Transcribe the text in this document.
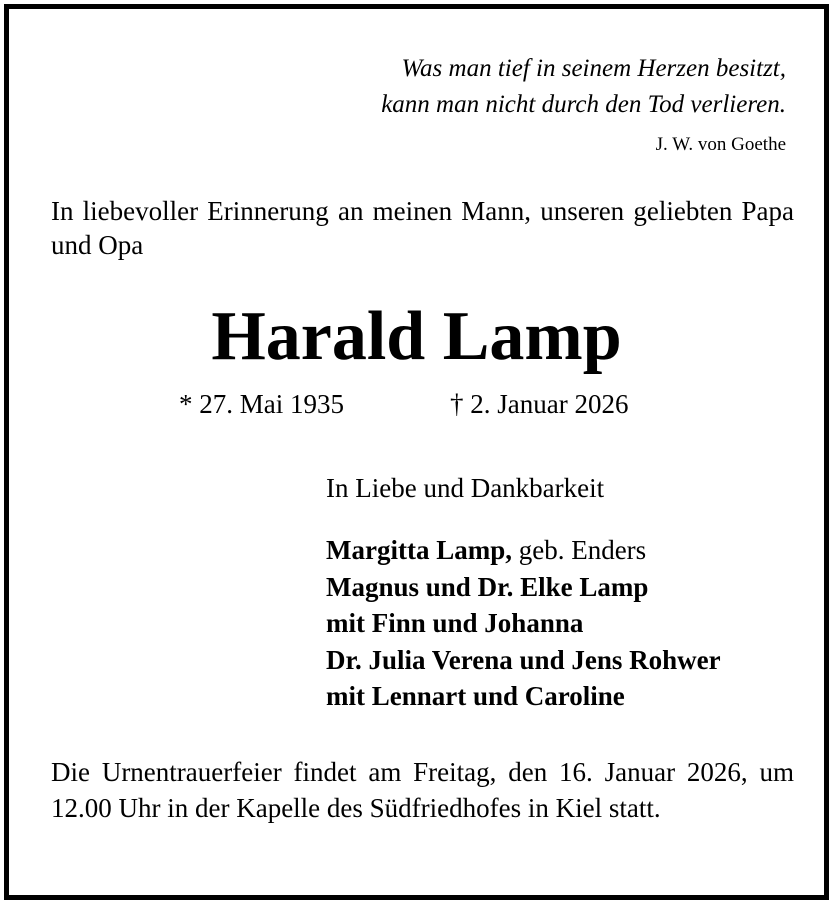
Was man tief in seinem Herzen besitzt,
kann man nicht durch den Tod verlieren.
J. W. von Goethe
In liebevoller Erinnerung an meinen Mann, unseren geliebten Papa und Opa
Harald Lamp
* 27. Mai 1935	† 2. Januar 2026
In Liebe und Dankbarkeit
Margitta Lamp, geb. Enders
Magnus und Dr. Elke Lamp
mit Finn und Johanna
Dr. Julia Verena und Jens Rohwer
mit Lennart und Caroline
Die Urnentrauerfeier findet am Freitag, den 16. Januar 2026, um 12.00 Uhr in der Kapelle des Südfriedhofes in Kiel statt.
